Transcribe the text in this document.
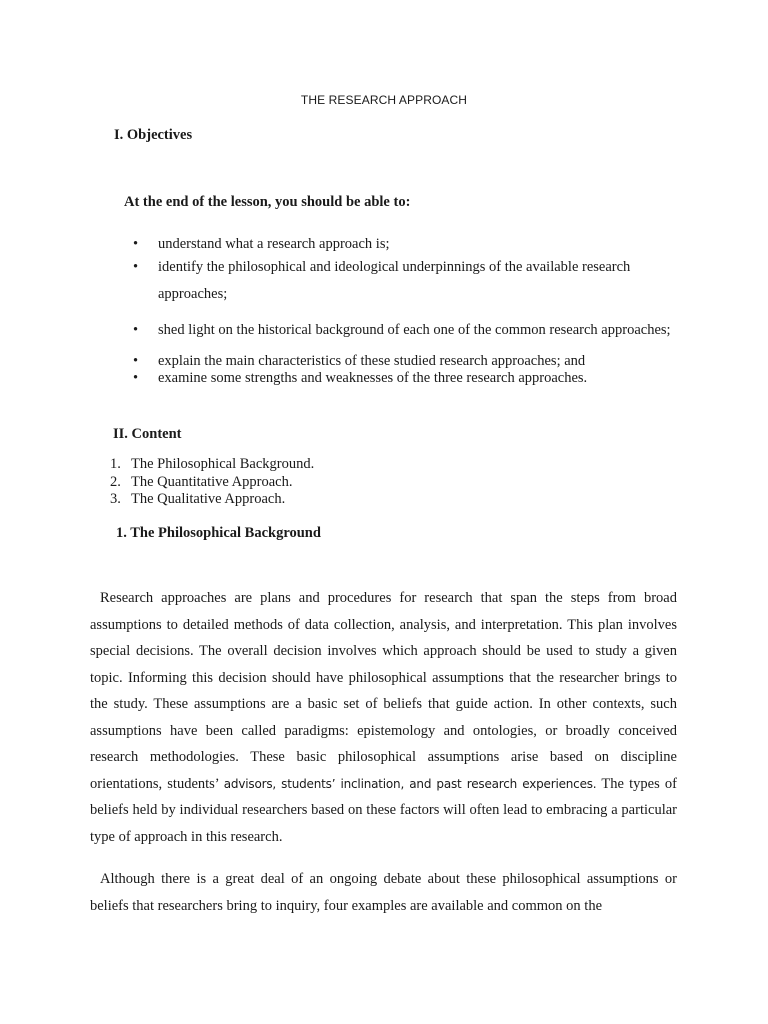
THE RESEARCH APPROACH
I. Objectives
At the end of the lesson, you should be able to:
•	understand what a research approach is;
•	identify the philosophical and ideological underpinnings of the available research approaches;
•	shed light on the historical background of each one of the common research approaches;
•	explain the main characteristics of these studied research approaches; and
•	examine some strengths and weaknesses of the three research approaches.
II. Content
1. The Philosophical Background.
2. The Quantitative Approach.
3. The Qualitative Approach.
1. The Philosophical Background

Research approaches are plans and procedures for research that span the steps from broad assumptions to detailed methods of data collection, analysis, and interpretation. This plan involves special decisions. The overall decision involves which approach should be used to study a given topic. Informing this decision should have philosophical assumptions that the researcher brings to the study. These assumptions are a basic set of beliefs that guide action. In other contexts, such assumptions have been called paradigms: epistemology and ontologies, or broadly conceived research methodologies. These basic philosophical assumptions arise based on discipline orientations, students’ advisors, students’ inclination, and past research experiences. The types of beliefs held by individual researchers based on these factors will often lead to embracing a particular type of approach in this research.

Although there is a great deal of an ongoing debate about these philosophical assumptions or beliefs that researchers bring to inquiry, four examples are available and common on the
